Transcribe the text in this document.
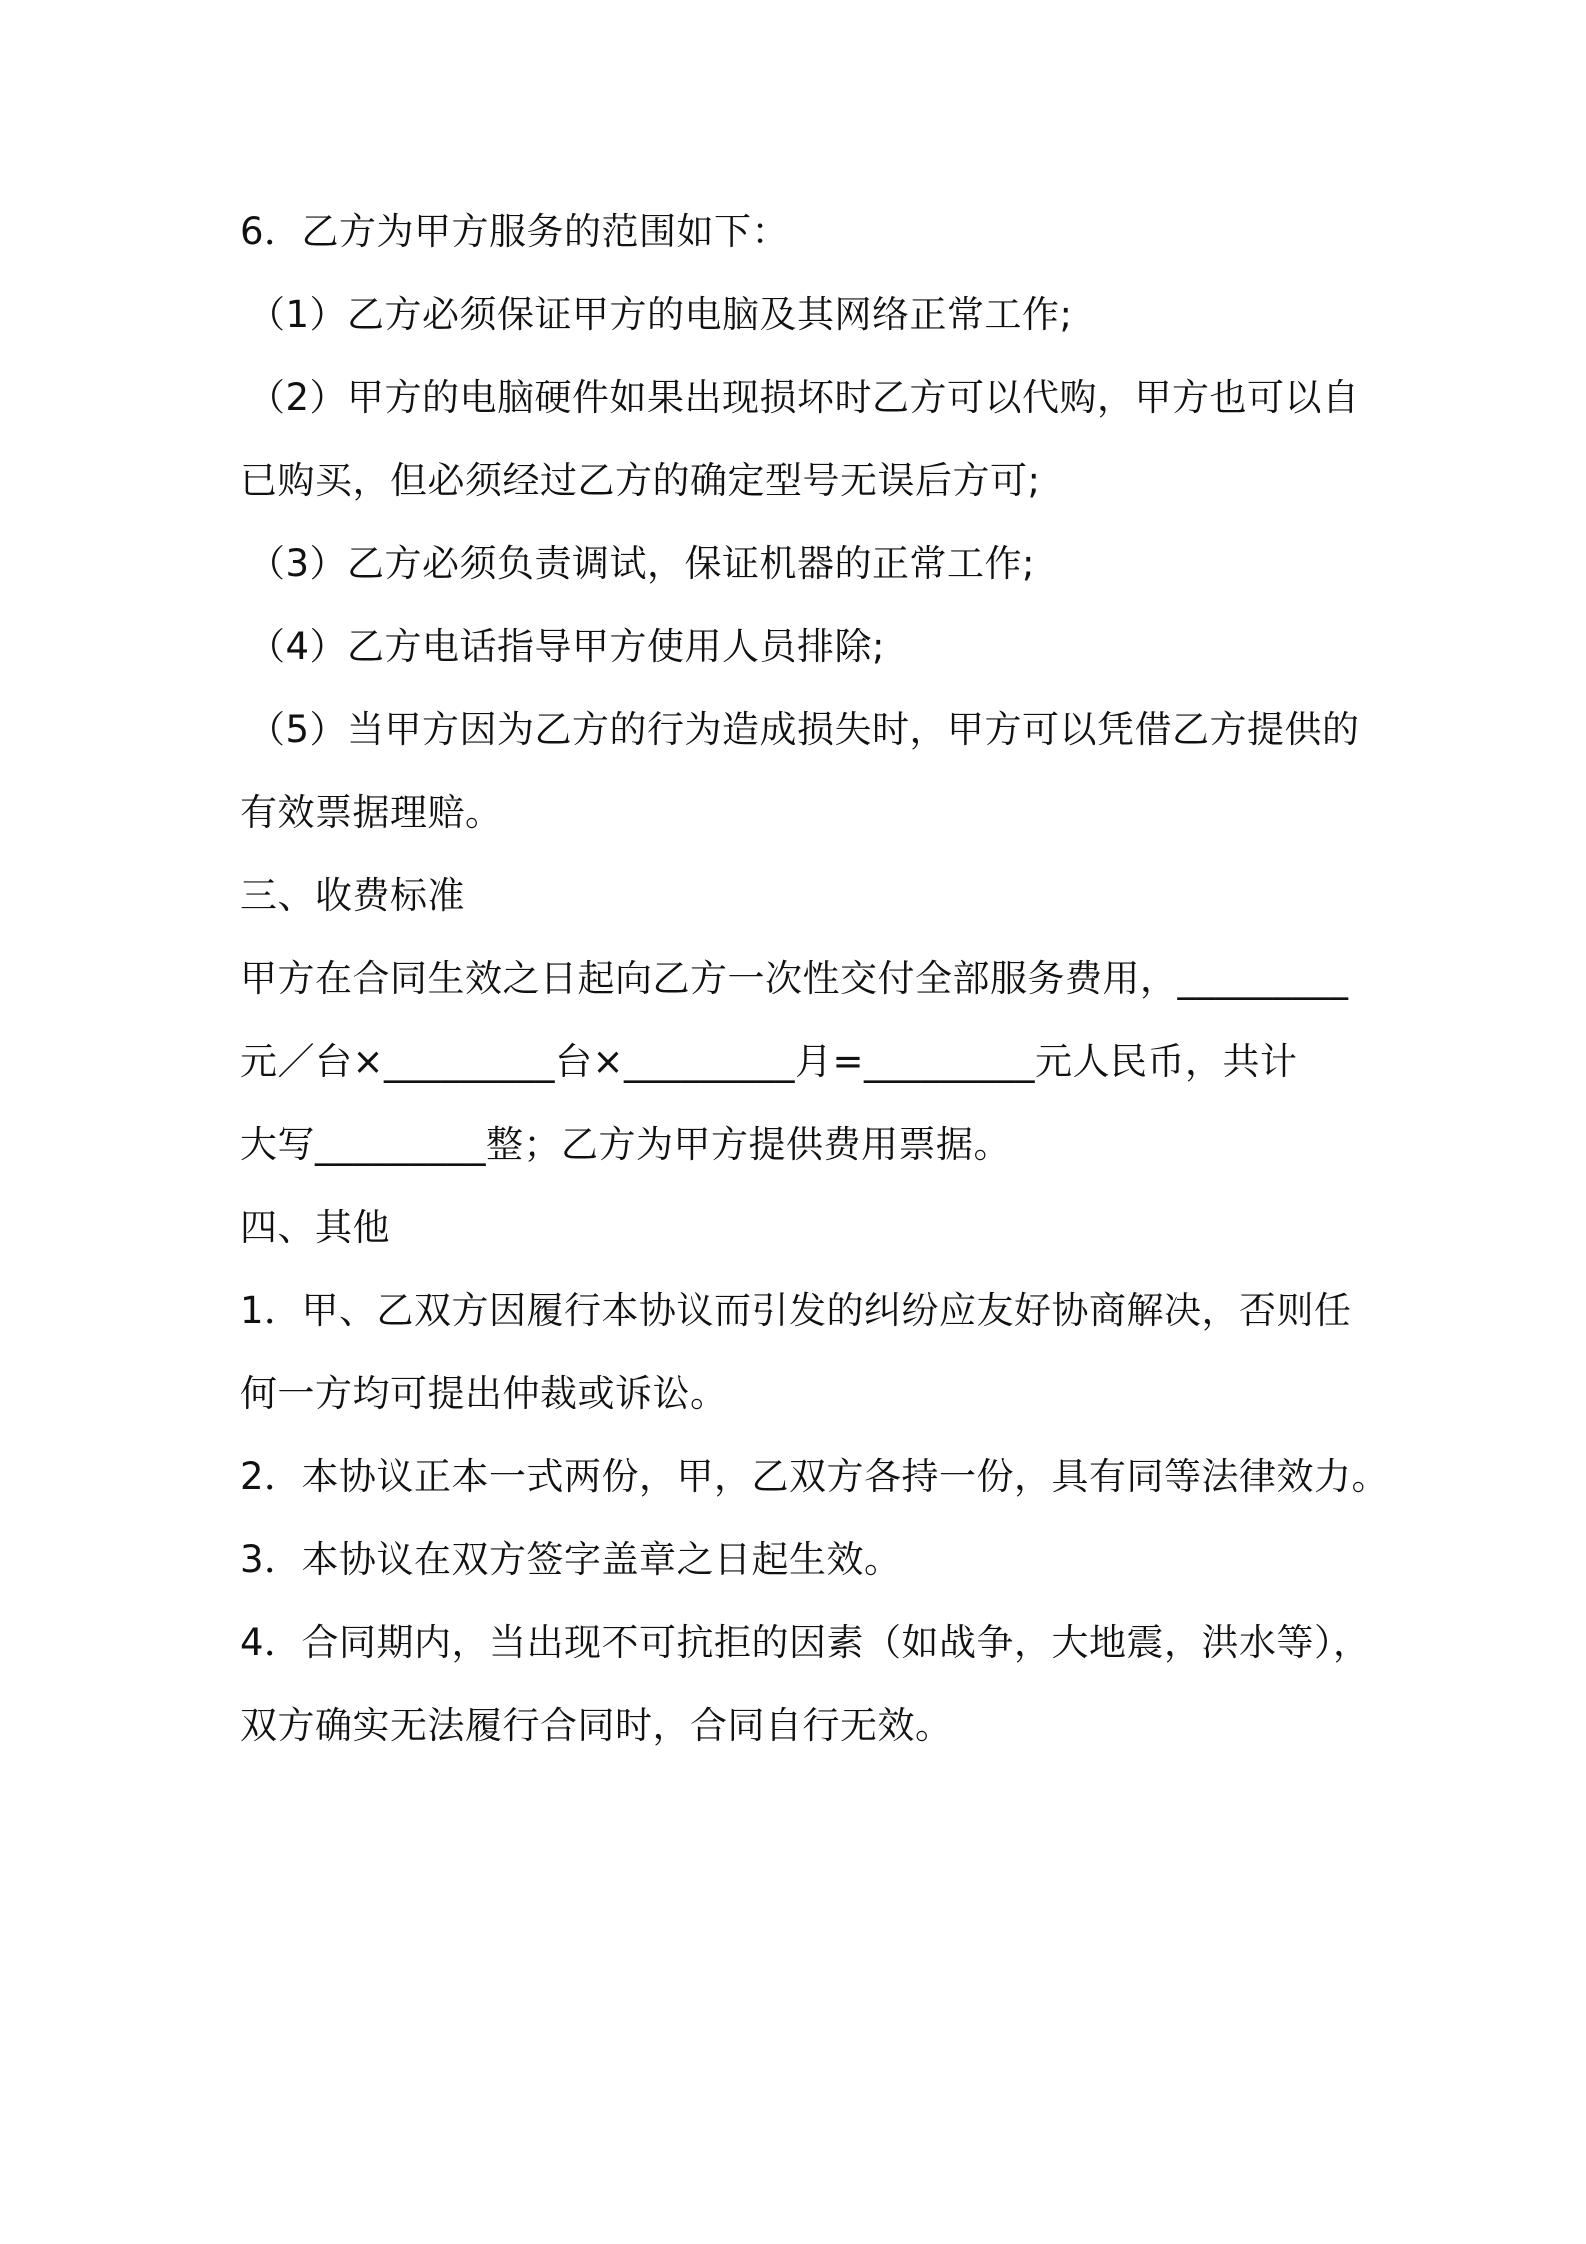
6．乙方为甲方服务的范围如下：
（1）乙方必须保证甲方的电脑及其网络正常工作;
（2）甲方的电脑硬件如果出现损坏时乙方可以代购，甲方也可以自
已购买，但必须经过乙方的确定型号无误后方可;
（3）乙方必须负责调试，保证机器的正常工作;
（4）乙方电话指导甲方使用人员排除;
（5）当甲方因为乙方的行为造成损失时，甲方可以凭借乙方提供的
有效票据理赔。
三、收费标准
甲方在合同生效之日起向乙方一次性交付全部服务费用，_________
元／台×_________台×_________月=_________元人民币，共计
大写_________整；乙方为甲方提供费用票据。
四、其他
1．甲、乙双方因履行本协议而引发的纠纷应友好协商解决，否则任
何一方均可提出仲裁或诉讼。
2．本协议正本一式两份，甲，乙双方各持一份，具有同等法律效力。
3．本协议在双方签字盖章之日起生效。
4．合同期内，当出现不可抗拒的因素（如战争，大地震，洪水等），
双方确实无法履行合同时，合同自行无效。
